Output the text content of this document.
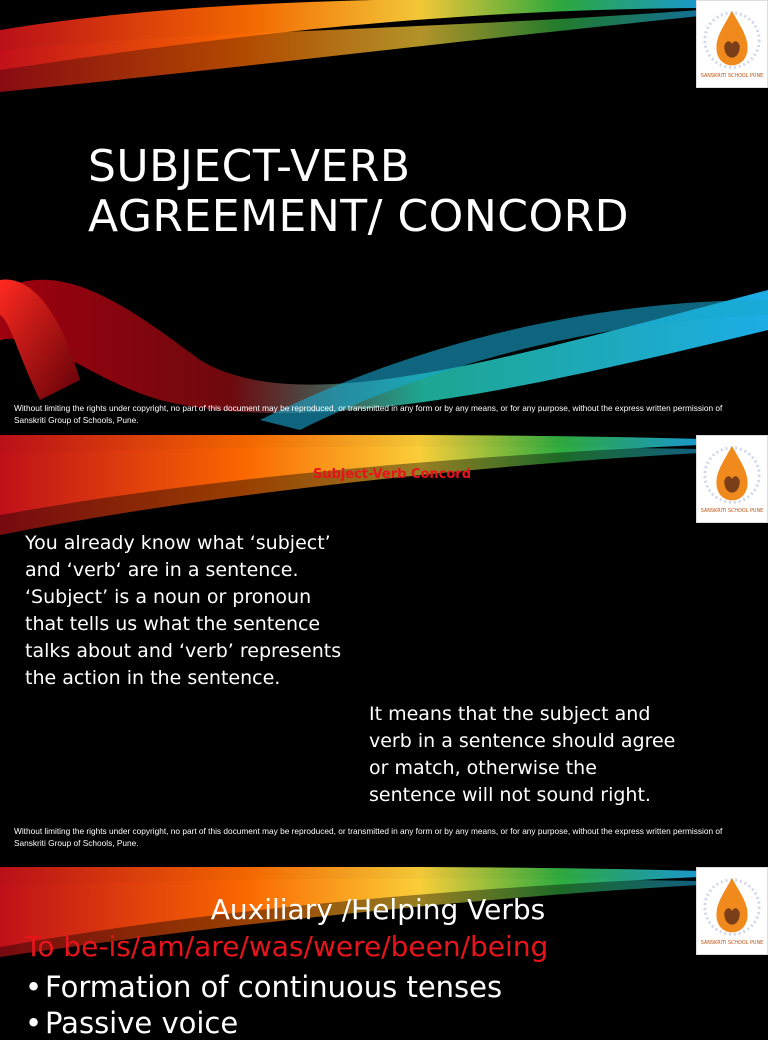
SANSKRITI SCHOOL PUNE
SUBJECT-VERB
AGREEMENT/ CONCORD
Without limiting the rights under copyright, no part of this document may be reproduced, or transmitted in any form or by any means, or for any purpose, without the express written permission of Sanskriti Group of Schools, Pune.
SANSKRITI SCHOOL PUNE
Without limiting the rights under copyright, no part of this document may be reproduced, or transmitted in any form or by any means, or for any purpose, without the express written permission of Sanskriti Group of Schools, Pune.
Subject-Verb Concord
You already know what ‘subject’
and ‘verb‘ are in a sentence.
‘Subject’ is a noun or pronoun
that tells us what the sentence
talks about and ‘verb’ represents
the action in the sentence.
It means that the subject and
verb in a sentence should agree
or match, otherwise the
sentence will not sound right.
SANSKRITI SCHOOL PUNE
Auxiliary /Helping Verbs
To be-is/am/are/was/were/been/being
•Formation of continuous tenses
•Passive voice
